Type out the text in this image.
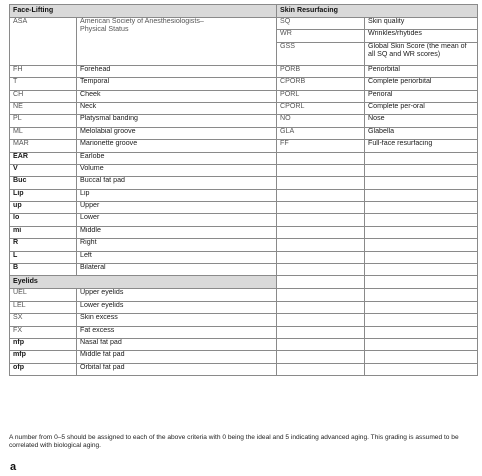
Face-Lifting		Skin Resurfacing	
ASA	American Society of Anesthesiologists–Physical Status	SQ	Skin quality
		WR	Wrinkles/rhytides
		GSS	Global Skin Score (the mean of all SQ and WR scores)
FH	Forehead	PORB	Periorbital
T	Temporal	CPORB	Complete periorbital
CH	Cheek	PORL	Perioral
NE	Neck	CPORL	Complete per-oral
PL	Platysmal banding	NO	Nose
ML	Melolabial groove	GLA	Glabella
MAR	Marionette groove	FF	Full-face resurfacing
EAR	Earlobe		
V	Volume		
Buc	Buccal fat pad		
Lip	Lip		
up	Upper		
lo	Lower		
mi	Middle		
R	Right		
L	Left		
B	Bilateral		
Eyelids			
UEL	Upper eyelids		
LEL	Lower eyelids		
SX	Skin excess		
FX	Fat excess		
nfp	Nasal fat pad		
mfp	Middle fat pad		
ofp	Orbital fat pad		
A number from 0–5 should be assigned to each of the above criteria with 0 being the ideal and 5 indicating advanced aging. This grading is assumed to be correlated with biological aging.
a
